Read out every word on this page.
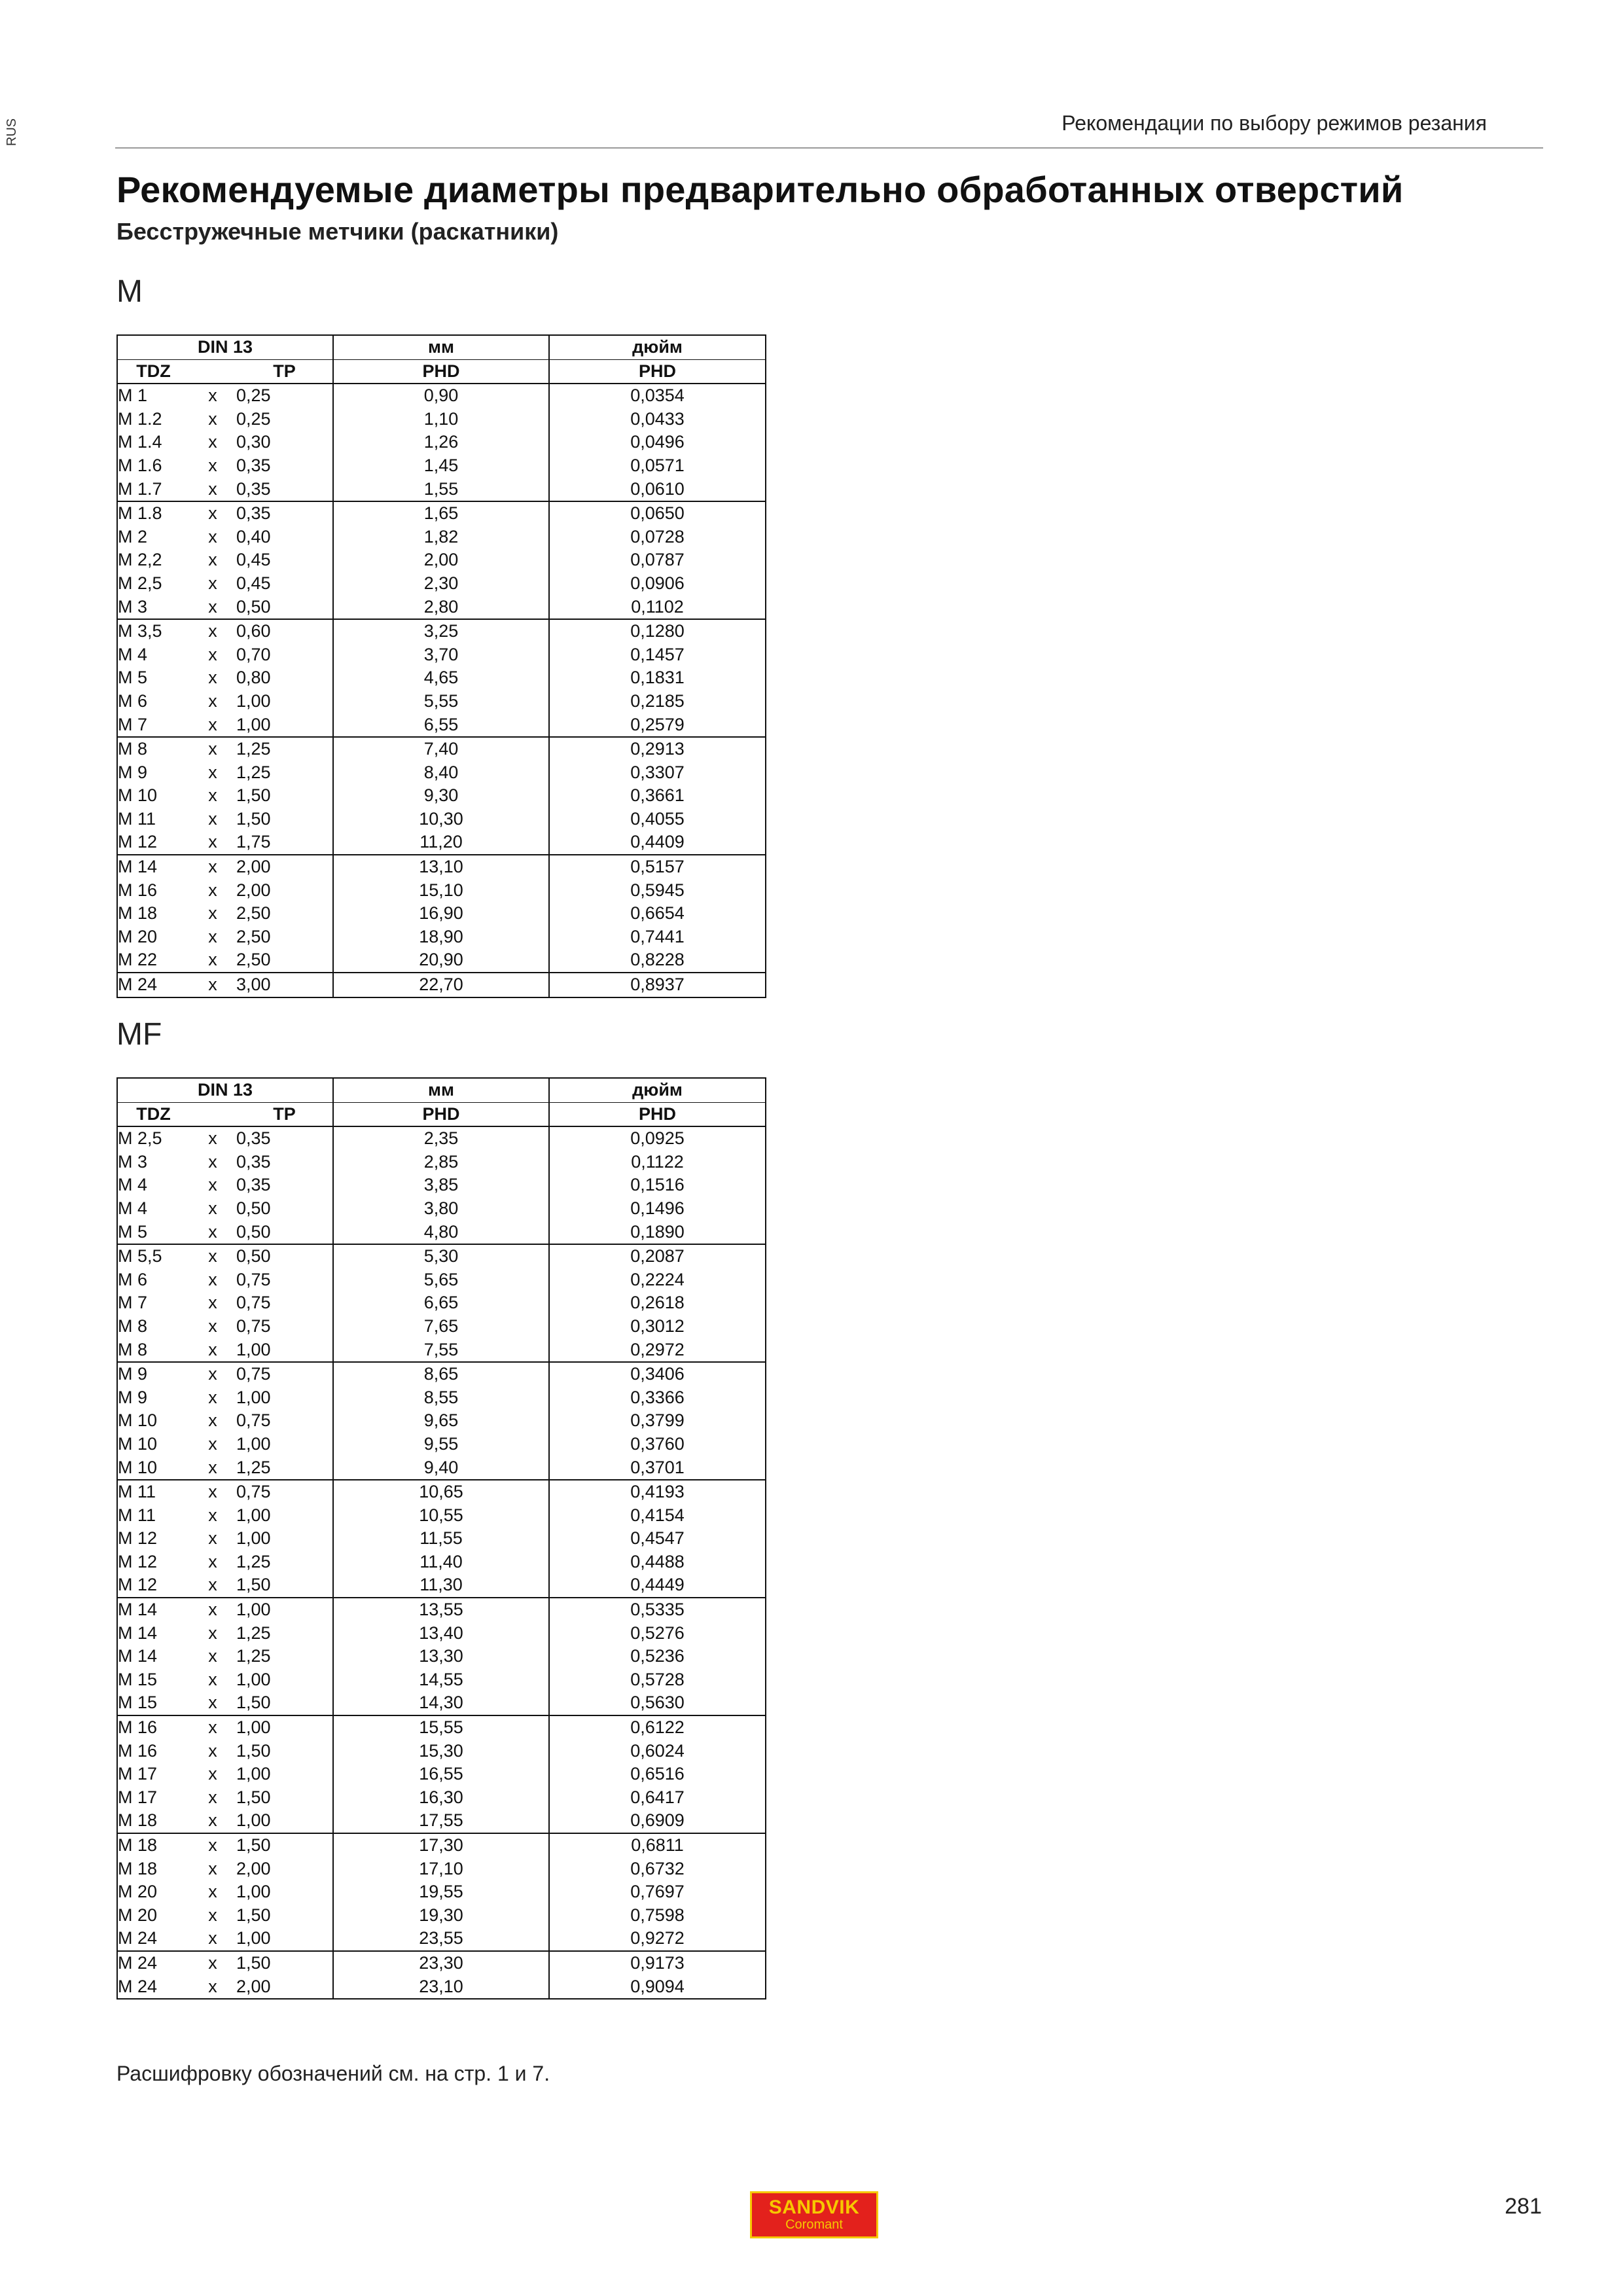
RUS	Рекомендации по выбору режимов резания
Рекомендуемые диаметры предварительно обработанных отверстий
Бесстружечные метчики (раскатники)
M
DIN 13			мм	дюйм
TDZ		TP	PHD	PHD
M 1	x	0,25	0,90	0,0354
M 1.2	x	0,25	1,10	0,0433
M 1.4	x	0,30	1,26	0,0496
M 1.6	x	0,35	1,45	0,0571
M 1.7	x	0,35	1,55	0,0610
M 1.8	x	0,35	1,65	0,0650
M 2	x	0,40	1,82	0,0728
M 2,2	x	0,45	2,00	0,0787
M 2,5	x	0,45	2,30	0,0906
M 3	x	0,50	2,80	0,1102
M 3,5	x	0,60	3,25	0,1280
M 4	x	0,70	3,70	0,1457
M 5	x	0,80	4,65	0,1831
M 6	x	1,00	5,55	0,2185
M 7	x	1,00	6,55	0,2579
M 8	x	1,25	7,40	0,2913
M 9	x	1,25	8,40	0,3307
M 10	x	1,50	9,30	0,3661
M 11	x	1,50	10,30	0,4055
M 12	x	1,75	11,20	0,4409
M 14	x	2,00	13,10	0,5157
M 16	x	2,00	15,10	0,5945
M 18	x	2,50	16,90	0,6654
M 20	x	2,50	18,90	0,7441
M 22	x	2,50	20,90	0,8228
M 24	x	3,00	22,70	0,8937
MF
DIN 13			мм	дюйм
TDZ		TP	PHD	PHD
M 2,5	x	0,35	2,35	0,0925
M 3	x	0,35	2,85	0,1122
M 4	x	0,35	3,85	0,1516
M 4	x	0,50	3,80	0,1496
M 5	x	0,50	4,80	0,1890
M 5,5	x	0,50	5,30	0,2087
M 6	x	0,75	5,65	0,2224
M 7	x	0,75	6,65	0,2618
M 8	x	0,75	7,65	0,3012
M 8	x	1,00	7,55	0,2972
M 9	x	0,75	8,65	0,3406
M 9	x	1,00	8,55	0,3366
M 10	x	0,75	9,65	0,3799
M 10	x	1,00	9,55	0,3760
M 10	x	1,25	9,40	0,3701
M 11	x	0,75	10,65	0,4193
M 11	x	1,00	10,55	0,4154
M 12	x	1,00	11,55	0,4547
M 12	x	1,25	11,40	0,4488
M 12	x	1,50	11,30	0,4449
M 14	x	1,00	13,55	0,5335
M 14	x	1,25	13,40	0,5276
M 14	x	1,25	13,30	0,5236
M 15	x	1,00	14,55	0,5728
M 15	x	1,50	14,30	0,5630
M 16	x	1,00	15,55	0,6122
M 16	x	1,50	15,30	0,6024
M 17	x	1,00	16,55	0,6516
M 17	x	1,50	16,30	0,6417
M 18	x	1,00	17,55	0,6909
M 18	x	1,50	17,30	0,6811
M 18	x	2,00	17,10	0,6732
M 20	x	1,00	19,55	0,7697
M 20	x	1,50	19,30	0,7598
M 24	x	1,00	23,55	0,9272
M 24	x	1,50	23,30	0,9173
M 24	x	2,00	23,10	0,9094
Расшифровку обозначений см. на стр. 1 и 7.
SANDVIK
Coromant
281
